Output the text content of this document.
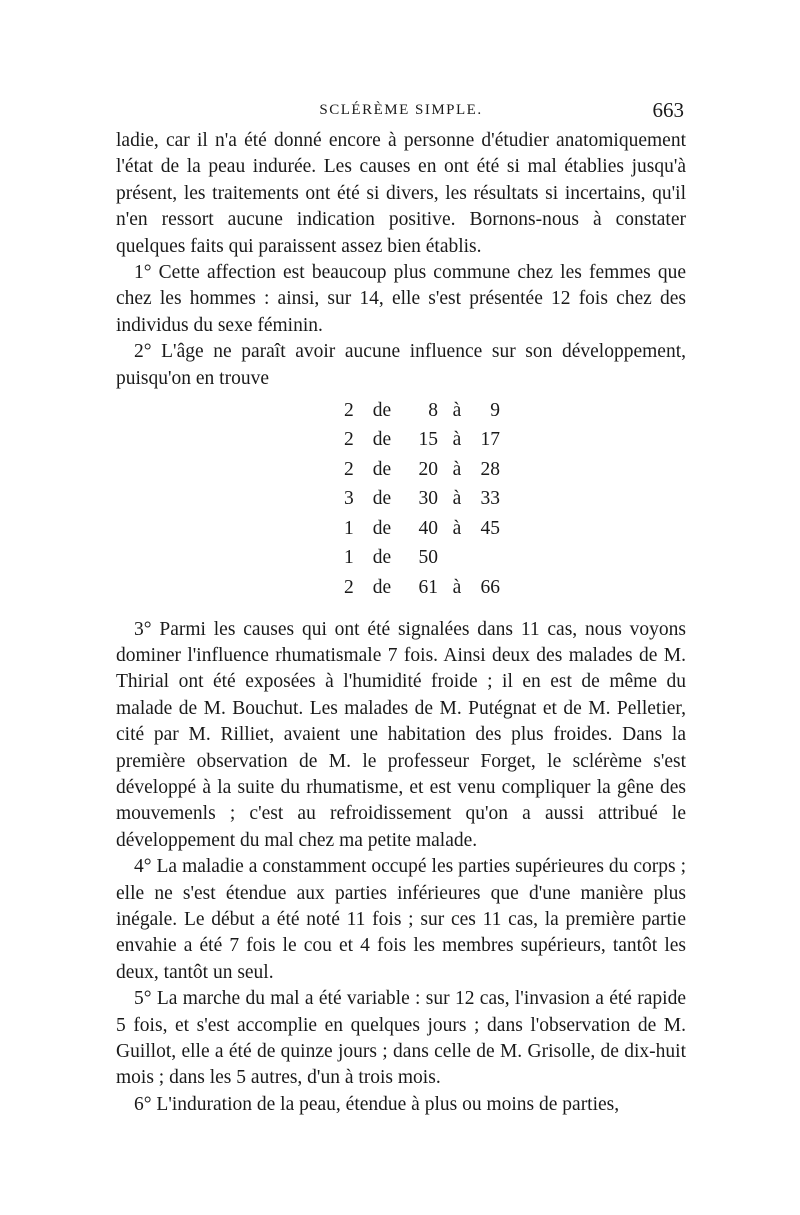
SCLÉRÈME SIMPLE.	663

ladie, car il n'a été donné encore à personne d'étudier anatomiquement l'état de la peau indurée. Les causes en ont été si mal établies jusqu'à présent, les traitements ont été si divers, les résultats si incertains, qu'il n'en ressort aucune indication positive. Bornons-nous à constater quelques faits qui paraissent assez bien établis.

1° Cette affection est beaucoup plus commune chez les femmes que chez les hommes : ainsi, sur 14, elle s'est présentée 12 fois chez des individus du sexe féminin.

2° L'âge ne paraît avoir aucune influence sur son développement, puisqu'on en trouve

2	de	8	à	9
2	de	15	à	17
2	de	20	à	28
3	de	30	à	33
1	de	40	à	45
1	de	50		
2	de	61	à	66

3° Parmi les causes qui ont été signalées dans 11 cas, nous voyons dominer l'influence rhumatismale 7 fois. Ainsi deux des malades de M. Thirial ont été exposées à l'humidité froide ; il en est de même du malade de M. Bouchut. Les malades de M. Putégnat et de M. Pelletier, cité par M. Rilliet, avaient une habitation des plus froides. Dans la première observation de M. le professeur Forget, le sclérème s'est développé à la suite du rhumatisme, et est venu compliquer la gêne des mouvemenls ; c'est au refroidissement qu'on a aussi attribué le développement du mal chez ma petite malade.

4° La maladie a constamment occupé les parties supérieures du corps ; elle ne s'est étendue aux parties inférieures que d'une manière plus inégale. Le début a été noté 11 fois ; sur ces 11 cas, la première partie envahie a été 7 fois le cou et 4 fois les membres supérieurs, tantôt les deux, tantôt un seul.

5° La marche du mal a été variable : sur 12 cas, l'invasion a été rapide 5 fois, et s'est accomplie en quelques jours ; dans l'observation de M. Guillot, elle a été de quinze jours ; dans celle de M. Grisolle, de dix-huit mois ; dans les 5 autres, d'un à trois mois.

6° L'induration de la peau, étendue à plus ou moins de parties,
